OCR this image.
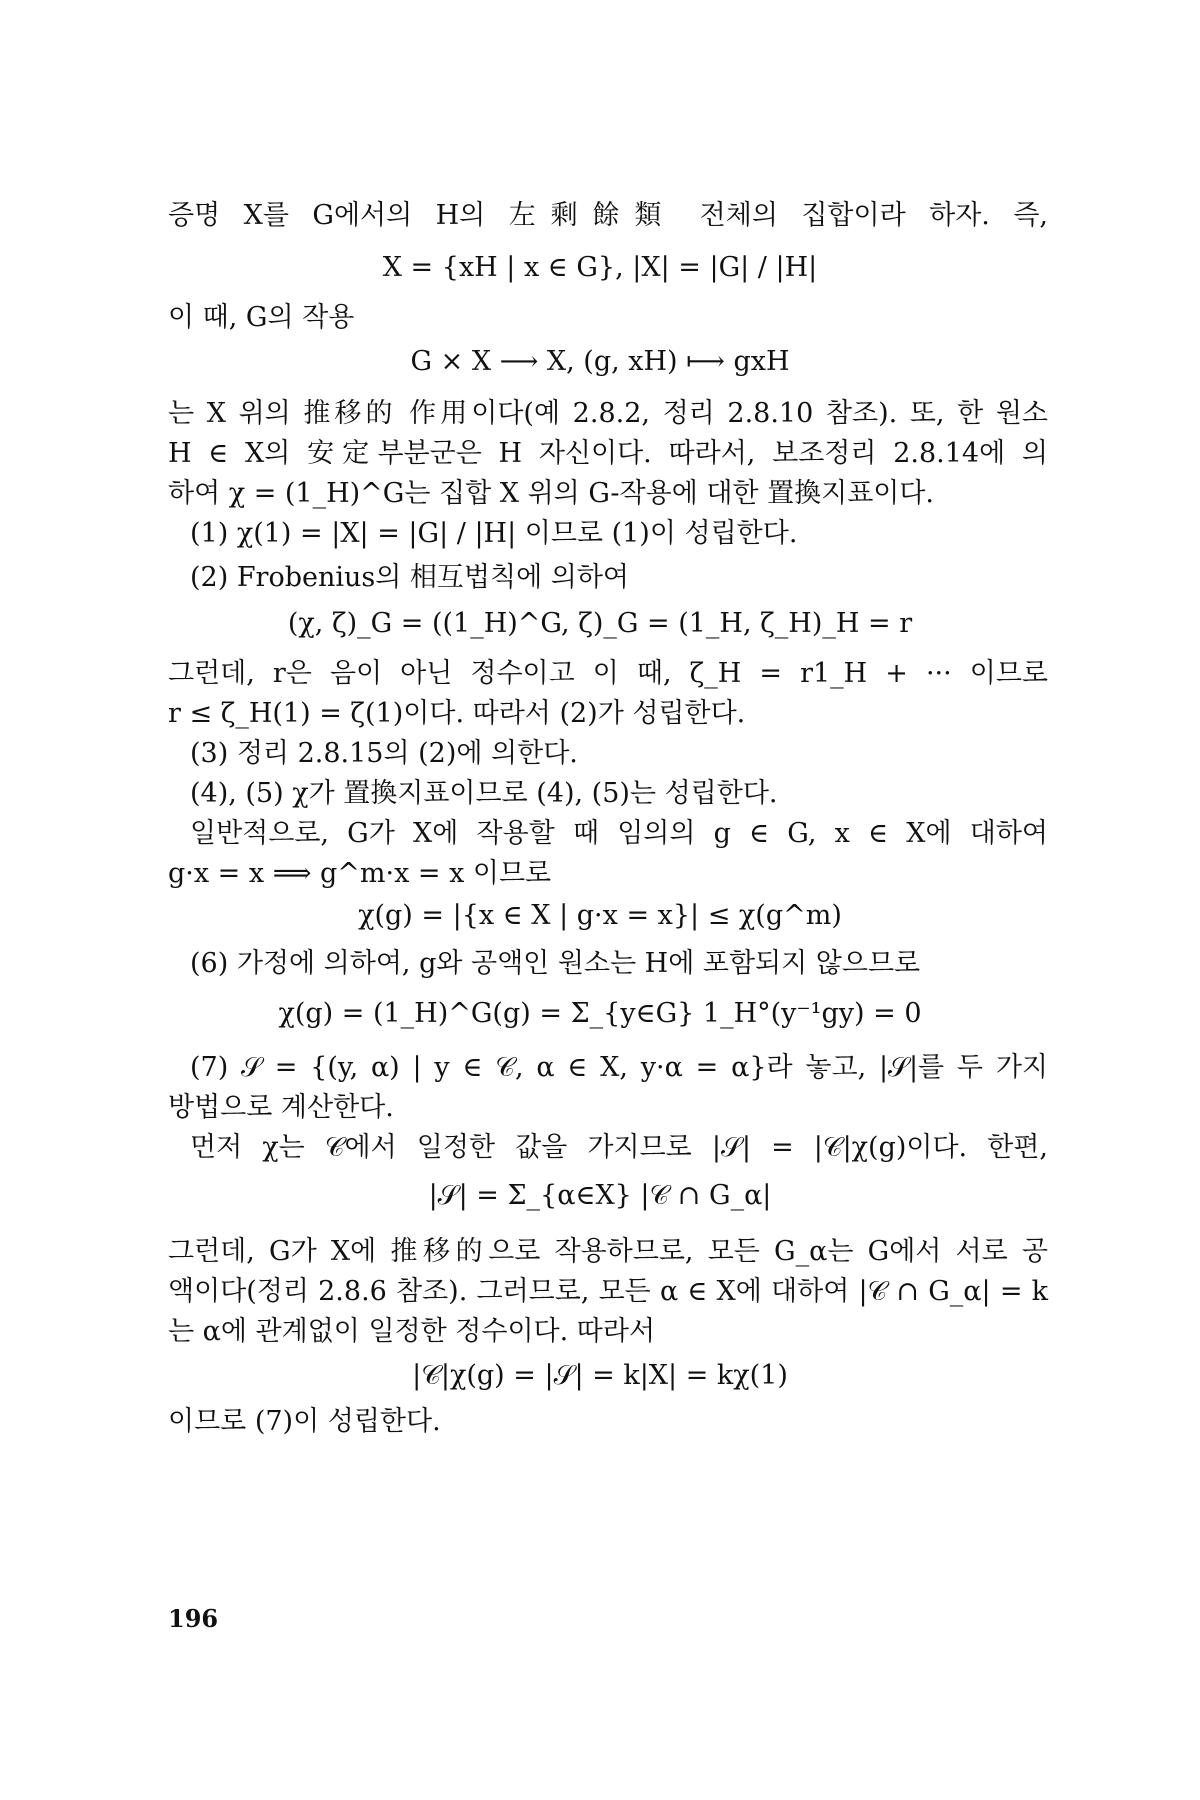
증명 X를 G에서의 H의 左剩餘類 전체의 집합이라 하자. 즉,
X = {xH | x ∈ G}, |X| = |G| / |H|
이 때, G의 작용
G × X ⟶ X, (g, xH) ⟼ gxH
는 X 위의 推移的 作用이다(예 2.8.2, 정리 2.8.10 참조). 또, 한 원소
H ∈ X의 安定부분군은 H 자신이다. 따라서, 보조정리 2.8.14에 의
하여 χ = (1_H)^G는 집합 X 위의 G-작용에 대한 置換지표이다.
(1) χ(1) = |X| = |G| / |H| 이므로 (1)이 성립한다.
(2) Frobenius의 相互법칙에 의하여
(χ, ζ)_G = ((1_H)^G, ζ)_G = (1_H, ζ_H)_H = r
그런데, r은 음이 아닌 정수이고 이 때, ζ_H = r1_H + ··· 이므로
r ≤ ζ_H(1) = ζ(1)이다. 따라서 (2)가 성립한다.
(3) 정리 2.8.15의 (2)에 의한다.
(4), (5) χ가 置換지표이므로 (4), (5)는 성립한다.
일반적으로, G가 X에 작용할 때 임의의 g ∈ G, x ∈ X에 대하여
g·x = x ⟹ g^m·x = x 이므로
χ(g) = |{x ∈ X | g·x = x}| ≤ χ(g^m)
(6) 가정에 의하여, g와 공액인 원소는 H에 포함되지 않으므로
χ(g) = (1_H)^G(g) = Σ_{y∈G} 1_H°(y⁻¹gy) = 0
(7) 𝒮 = {(y, α) | y ∈ 𝒞, α ∈ X, y·α = α}라 놓고, |𝒮|를 두 가지
방법으로 계산한다.
먼저 χ는 𝒞에서 일정한 값을 가지므로 |𝒮| = |𝒞|χ(g)이다. 한편,
|𝒮| = Σ_{α∈X} |𝒞 ∩ G_α|
그런데, G가 X에 推移的으로 작용하므로, 모든 G_α는 G에서 서로 공
액이다(정리 2.8.6 참조). 그러므로, 모든 α ∈ X에 대하여 |𝒞 ∩ G_α| = k
는 α에 관계없이 일정한 정수이다. 따라서
|𝒞|χ(g) = |𝒮| = k|X| = kχ(1)
이므로 (7)이 성립한다.
196
